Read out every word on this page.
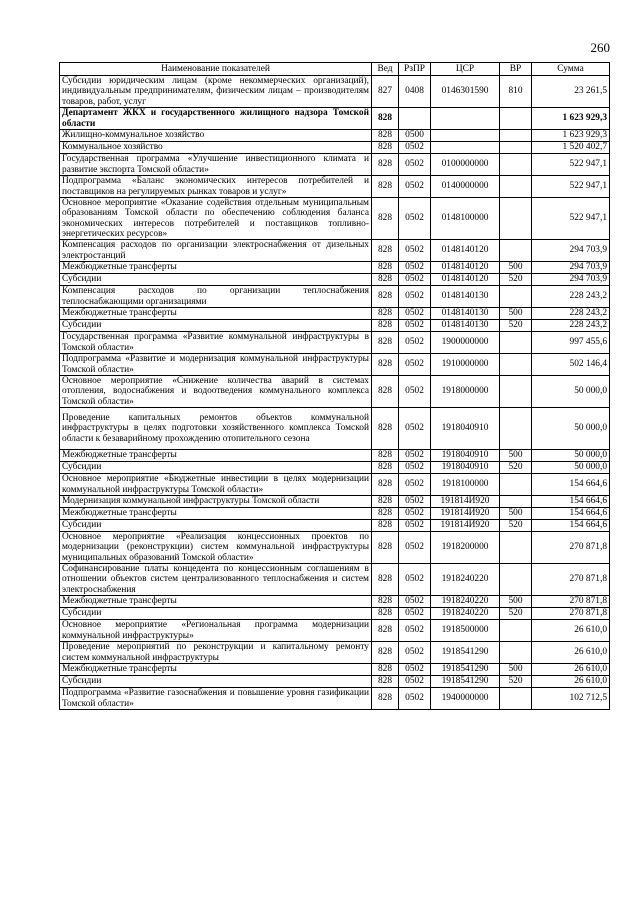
260
Наименование показателей	Вед	РзПР	ЦСР	ВР	Сумма
Субсидии юридическим лицам (кроме некоммерческих организаций), индивидуальным предпринимателям, физическим лицам – производителям товаров, работ, услуг	827	0408	0146301590	810	23 261,5
Департамент ЖКХ и государственного жилищного надзора Томской области	828				1 623 929,3
Жилищно-коммунальное хозяйство	828	0500			1 623 929,3
Коммунальное хозяйство	828	0502			1 520 402,7
Государственная программа «Улучшение инвестиционного климата и развитие экспорта Томской области»	828	0502	0100000000		522 947,1
Подпрограмма «Баланс экономических интересов потребителей и поставщиков на регулируемых рынках товаров и услуг»	828	0502	0140000000		522 947,1
Основное мероприятие «Оказание содействия отдельным муниципальным образованиям Томской области по обеспечению соблюдения баланса экономических интересов потребителей и поставщиков топливно-энергетических ресурсов»	828	0502	0148100000		522 947,1
Компенсация расходов по организации электроснабжения от дизельных электростанций	828	0502	0148140120		294 703,9
Межбюджетные трансферты	828	0502	0148140120	500	294 703,9
Субсидии	828	0502	0148140120	520	294 703,9
Компенсация расходов по организации теплоснабжения теплоснабжающими организациями	828	0502	0148140130		228 243,2
Межбюджетные трансферты	828	0502	0148140130	500	228 243,2
Субсидии	828	0502	0148140130	520	228 243,2
Государственная программа «Развитие коммунальной инфраструктуры в Томской области»	828	0502	1900000000		997 455,6
Подпрограмма «Развитие и модернизация коммунальной инфраструктуры Томской области»	828	0502	1910000000		502 146,4
Основное мероприятие «Снижение количества аварий в системах отопления, водоснабжения и водоотведения коммунального комплекса Томской области»	828	0502	1918000000		50 000,0
Проведение капитальных ремонтов объектов коммунальной инфраструктуры в целях подготовки хозяйственного комплекса Томской области к безаварийному прохождению отопительного сезона	828	0502	1918040910		50 000,0
Межбюджетные трансферты	828	0502	1918040910	500	50 000,0
Субсидии	828	0502	1918040910	520	50 000,0
Основное мероприятие «Бюджетные инвестиции в целях модернизации коммунальной инфраструктуры Томской области»	828	0502	1918100000		154 664,6
Модернизация коммунальной инфраструктуры Томской области	828	0502	191814И920		154 664,6
Межбюджетные трансферты	828	0502	191814И920	500	154 664,6
Субсидии	828	0502	191814И920	520	154 664,6
Основное мероприятие «Реализация концессионных проектов по модернизации (реконструкции) систем коммунальной инфраструктуры муниципальных образований Томской области»	828	0502	1918200000		270 871,8
Софинансирование платы концедента по концессионным соглашениям в отношении объектов систем централизованного теплоснабжения и систем электроснабжения	828	0502	1918240220		270 871,8
Межбюджетные трансферты	828	0502	1918240220	500	270 871,8
Субсидии	828	0502	1918240220	520	270 871,8
Основное мероприятие «Региональная программа модернизации коммунальной инфраструктуры»	828	0502	1918500000		26 610,0
Проведение мероприятий по реконструкции и капитальному ремонту систем коммунальной инфраструктуры	828	0502	1918541290		26 610,0
Межбюджетные трансферты	828	0502	1918541290	500	26 610,0
Субсидии	828	0502	1918541290	520	26 610,0
Подпрограмма «Развитие газоснабжения и повышение уровня газификации Томской области»	828	0502	1940000000		102 712,5
